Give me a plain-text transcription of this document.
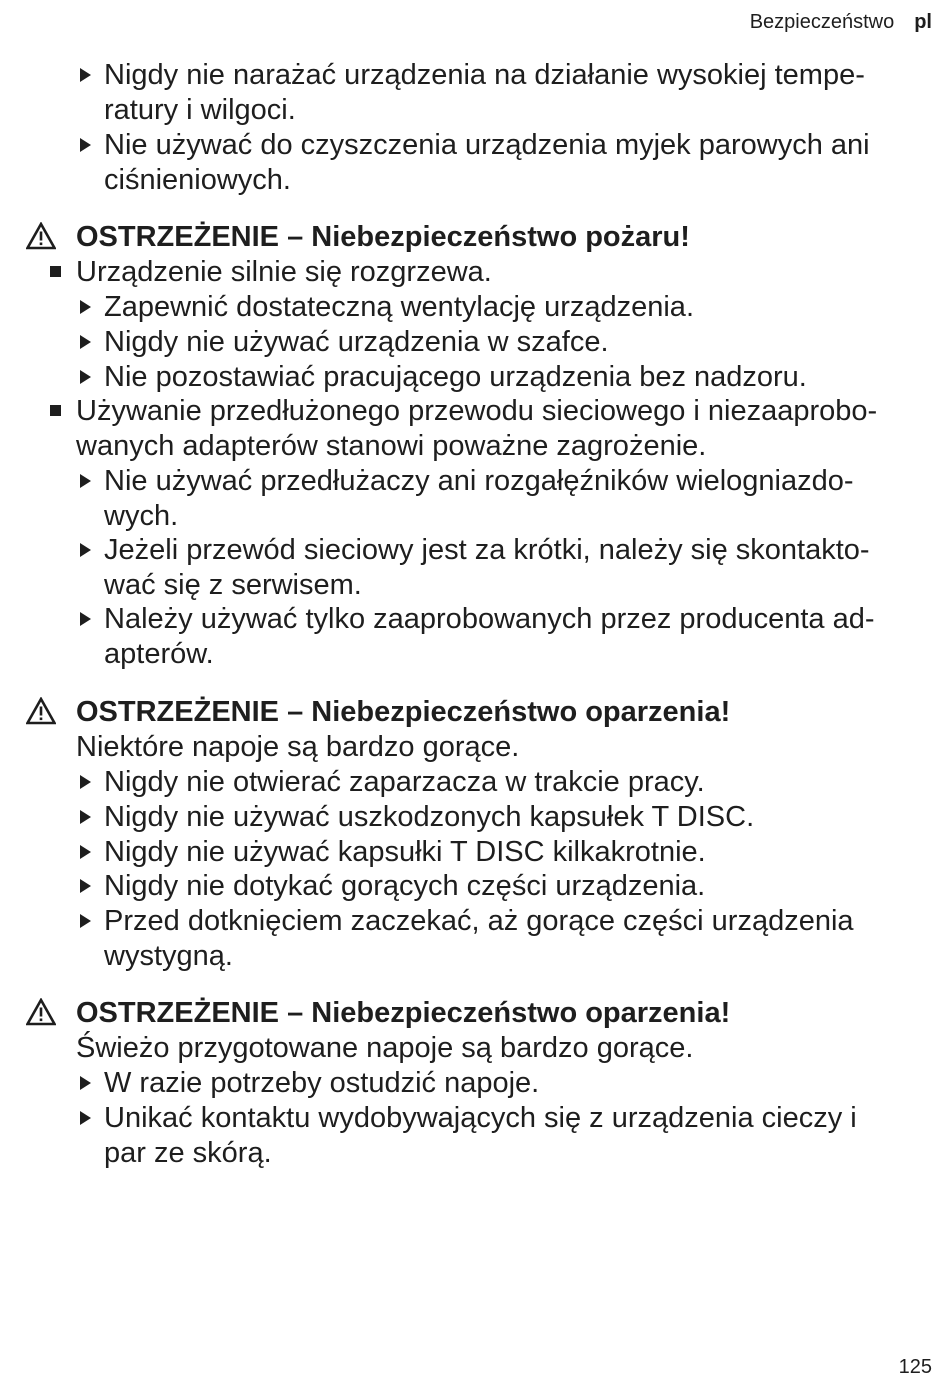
Bezpieczeństwo pl
Nigdy nie narażać urządzenia na działanie wysokiej tempe-
ratury i wilgoci.
Nie używać do czyszczenia urządzenia myjek parowych ani
ciśnieniowych.
OSTRZEŻENIE – Niebezpieczeństwo pożaru!
Urządzenie silnie się rozgrzewa.
Zapewnić dostateczną wentylację urządzenia.
Nigdy nie używać urządzenia w szafce.
Nie pozostawiać pracującego urządzenia bez nadzoru.
Używanie przedłużonego przewodu sieciowego i niezaaprobo-
wanych adapterów stanowi poważne zagrożenie.
Nie używać przedłużaczy ani rozgałęźników wielogniazdo-
wych.
Jeżeli przewód sieciowy jest za krótki, należy się skontakto-
wać się z serwisem.
Należy używać tylko zaaprobowanych przez producenta ad-
apterów.
OSTRZEŻENIE – Niebezpieczeństwo oparzenia!
Niektóre napoje są bardzo gorące.
Nigdy nie otwierać zaparzacza w trakcie pracy.
Nigdy nie używać uszkodzonych kapsułek T DISC.
Nigdy nie używać kapsułki T DISC kilkakrotnie.
Nigdy nie dotykać gorących części urządzenia.
Przed dotknięciem zaczekać, aż gorące części urządzenia
wystygną.
OSTRZEŻENIE – Niebezpieczeństwo oparzenia!
Świeżo przygotowane napoje są bardzo gorące.
W razie potrzeby ostudzić napoje.
Unikać kontaktu wydobywających się z urządzenia cieczy i
par ze skórą.
125
